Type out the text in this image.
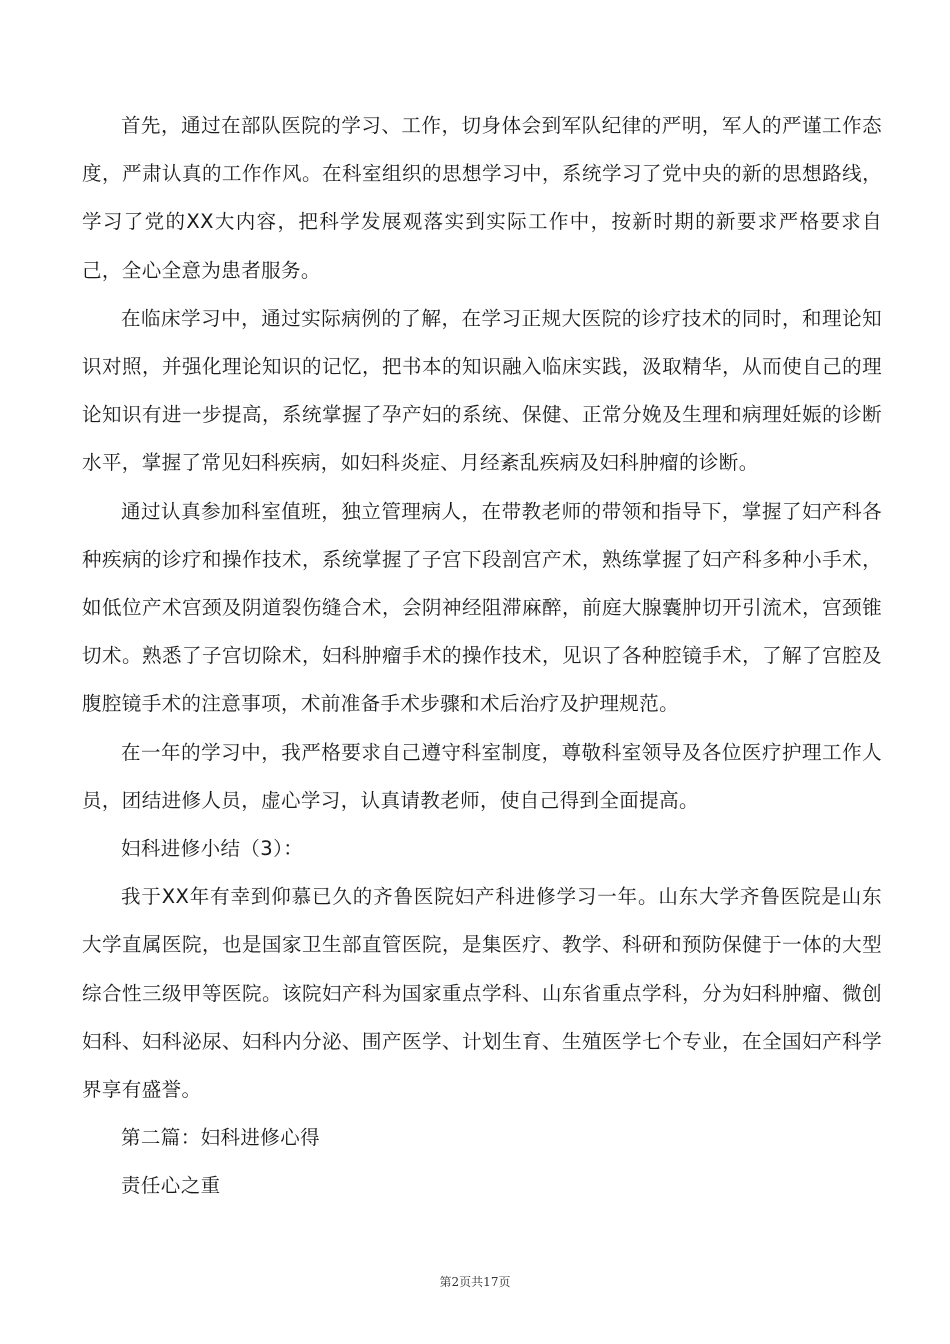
首先，通过在部队医院的学习、工作，切身体会到军队纪律的严明，军人的严谨工作态度，严肃认真的工作作风。在科室组织的思想学习中，系统学习了党中央的新的思想路线，学习了党的XX大内容，把科学发展观落实到实际工作中，按新时期的新要求严格要求自己，全心全意为患者服务。

在临床学习中，通过实际病例的了解，在学习正规大医院的诊疗技术的同时，和理论知识对照，并强化理论知识的记忆，把书本的知识融入临床实践，汲取精华，从而使自己的理论知识有进一步提高，系统掌握了孕产妇的系统、保健、正常分娩及生理和病理妊娠的诊断水平，掌握了常见妇科疾病，如妇科炎症、月经紊乱疾病及妇科肿瘤的诊断。

通过认真参加科室值班，独立管理病人，在带教老师的带领和指导下，掌握了妇产科各种疾病的诊疗和操作技术，系统掌握了子宫下段剖宫产术，熟练掌握了妇产科多种小手术，如低位产术宫颈及阴道裂伤缝合术，会阴神经阻滞麻醉，前庭大腺囊肿切开引流术，宫颈锥切术。熟悉了子宫切除术，妇科肿瘤手术的操作技术，见识了各种腔镜手术，了解了宫腔及腹腔镜手术的注意事项，术前准备手术步骤和术后治疗及护理规范。

在一年的学习中，我严格要求自己遵守科室制度，尊敬科室领导及各位医疗护理工作人员，团结进修人员，虚心学习，认真请教老师，使自己得到全面提高。

妇科进修小结（3）：

我于XX年有幸到仰慕已久的齐鲁医院妇产科进修学习一年。山东大学齐鲁医院是山东大学直属医院，也是国家卫生部直管医院，是集医疗、教学、科研和预防保健于一体的大型综合性三级甲等医院。该院妇产科为国家重点学科、山东省重点学科，分为妇科肿瘤、微创妇科、妇科泌尿、妇科内分泌、围产医学、计划生育、生殖医学七个专业，在全国妇产科学界享有盛誉。

第二篇：妇科进修心得

责任心之重

第2页共17页
